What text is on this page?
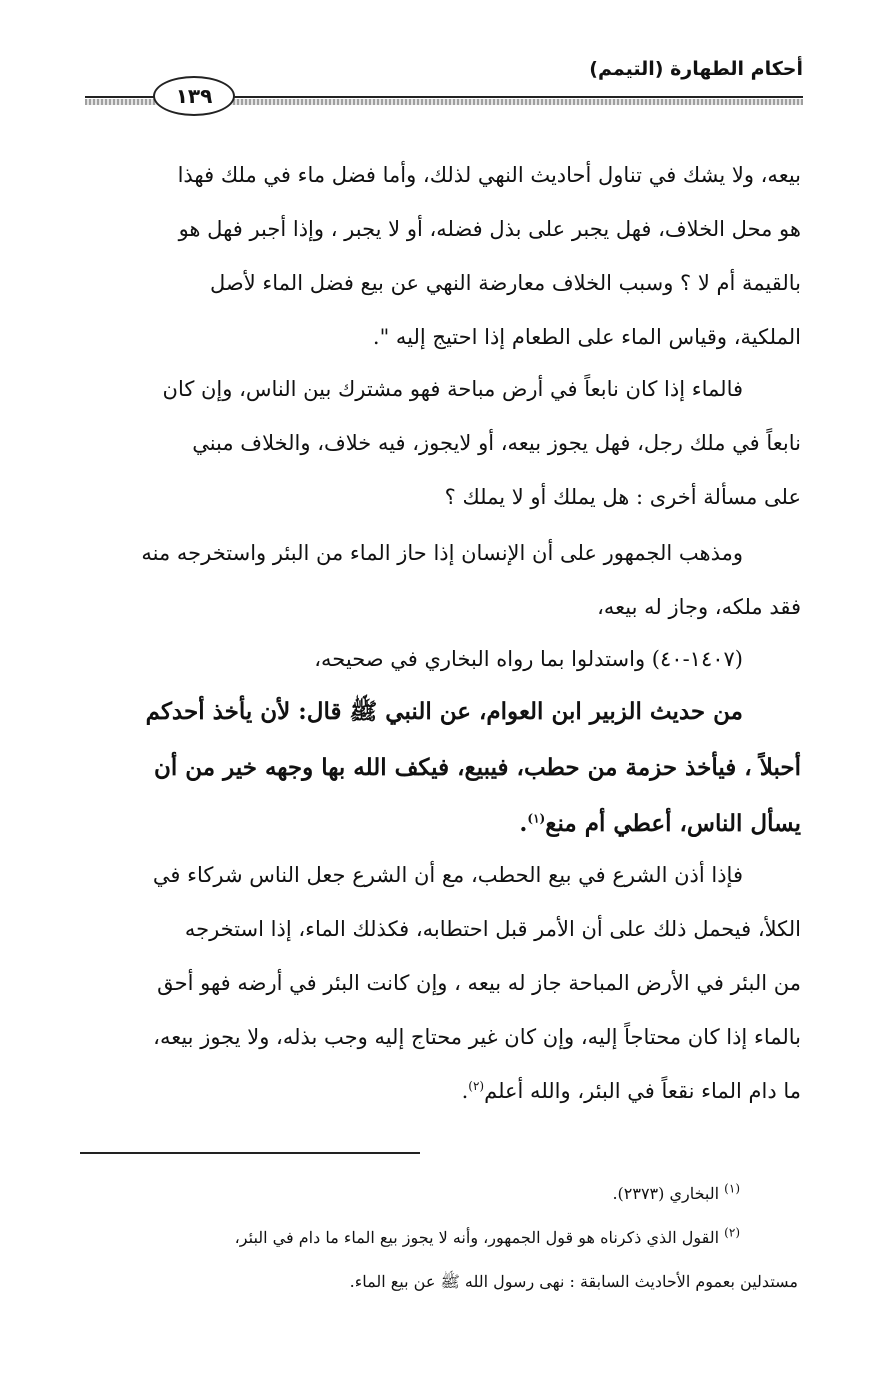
أحكام الطهارة (التيمم)
١٣٩
بيعه، ولا يشك في تناول أحاديث النهي لذلك، وأما فضل ماء في ملك فهذا
هو محل الخلاف، فهل يجبر على بذل فضله، أو لا يجبر ، وإذا أجبر فهل هو
بالقيمة أم لا ؟ وسبب الخلاف معارضة النهي عن بيع فضل الماء لأصل
الملكية، وقياس الماء على الطعام إذا احتيج إليه ".
فالماء إذا كان نابعاً في أرض مباحة فهو مشترك بين الناس، وإن كان
نابعاً في ملك رجل، فهل يجوز بيعه، أو لايجوز، فيه خلاف، والخلاف مبني
على مسألة أخرى : هل يملك أو لا يملك ؟
ومذهب الجمهور على أن الإنسان إذا حاز الماء من البئر واستخرجه منه
فقد ملكه، وجاز له بيعه،
(١٤٠٧-٤٠) واستدلوا بما رواه البخاري في صحيحه،
من حديث الزبير ابن العوام، عن النبي ﷺ قال: لأن يأخذ أحدكم
أحبلاً ، فيأخذ حزمة من حطب، فيبيع، فيكف الله بها وجهه خير من أن
يسأل الناس، أعطي أم منع$^{(١)}$.
فإذا أذن الشرع في بيع الحطب، مع أن الشرع جعل الناس شركاء في
الكلأ، فيحمل ذلك على أن الأمر قبل احتطابه، فكذلك الماء، إذا استخرجه
من البئر في الأرض المباحة جاز له بيعه ، وإن كانت البئر في أرضه فهو أحق
بالماء إذا كان محتاجاً إليه، وإن كان غير محتاج إليه وجب بذله، ولا يجوز بيعه،
ما دام الماء نقعاً في البئر، والله أعلم$^{(٢)}$.
$^{(١)}$ البخاري (٢٣٧٣).
$^{(٢)}$ القول الذي ذكرناه هو قول الجمهور، وأنه لا يجوز بيع الماء ما دام في البئر،
مستدلين بعموم الأحاديث السابقة : نهى رسول الله ﷺ عن بيع الماء.
